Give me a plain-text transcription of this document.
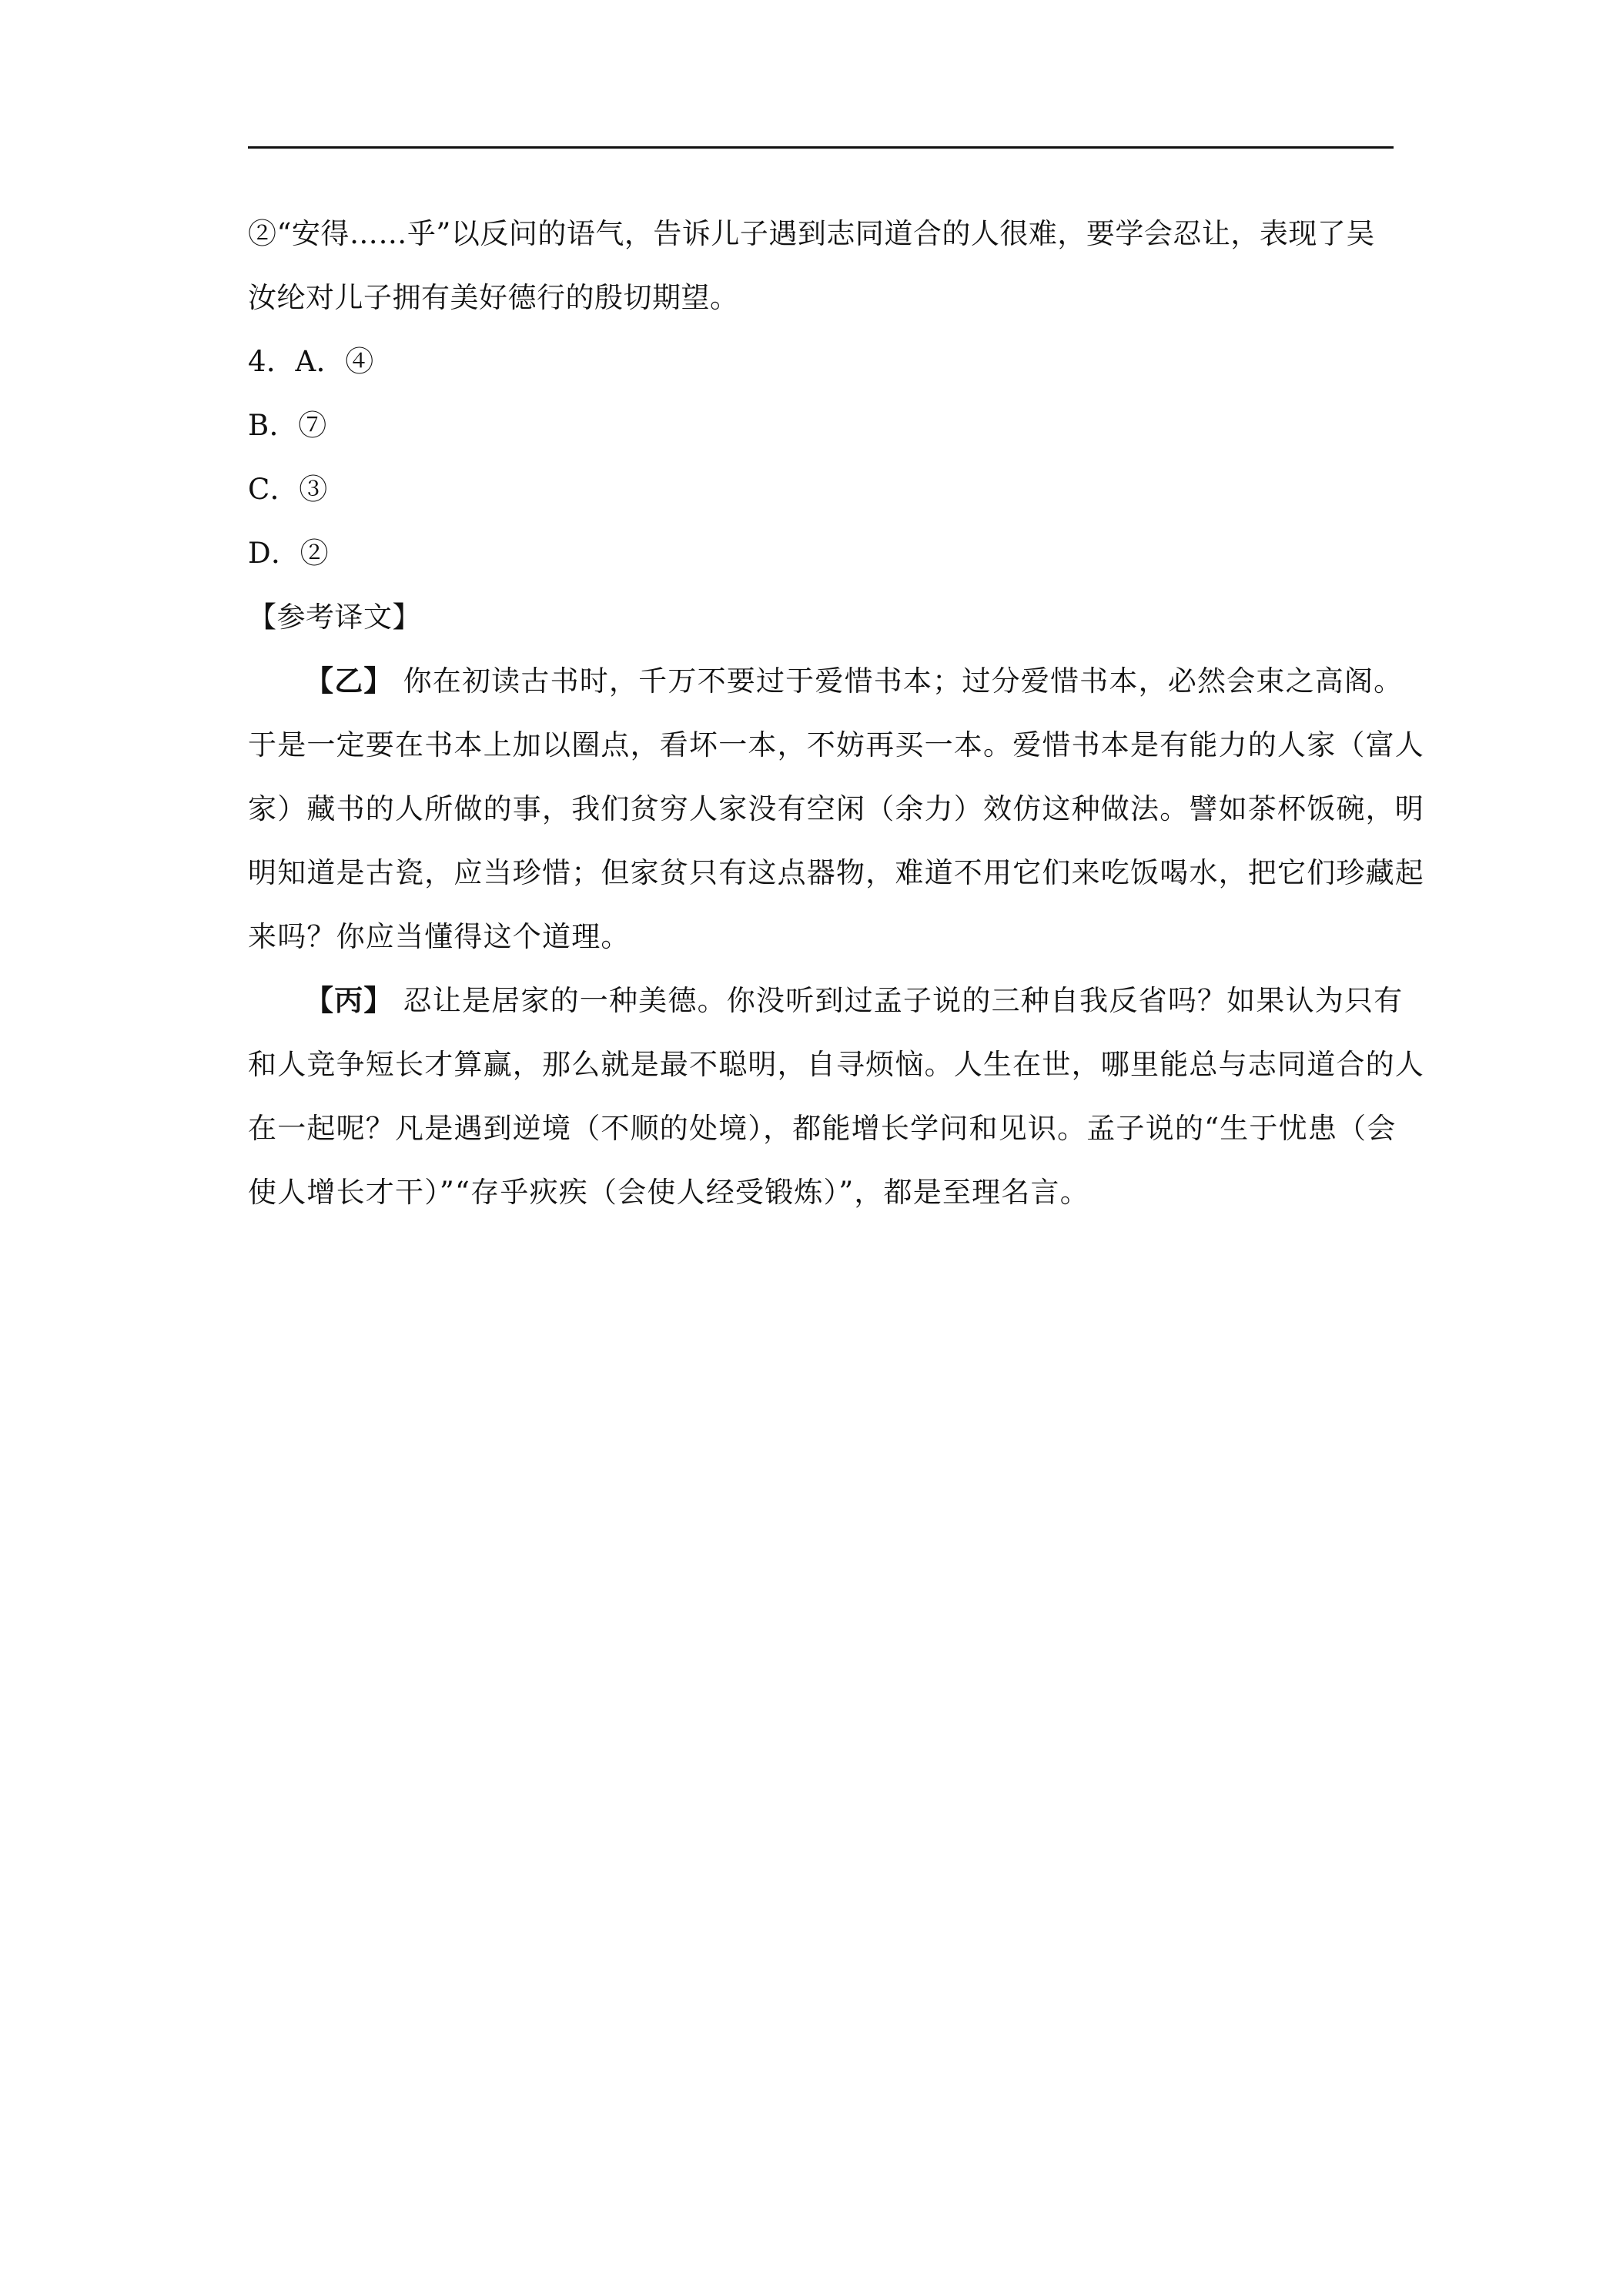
②“安得……乎”以反问的语气，告诉儿子遇到志同道合的人很难，要学会忍让，表现了吴
汝纶对儿子拥有美好德行的殷切期望。
4．A．④
B．⑦
C．③
D．②
【参考译文】
【乙】 你在初读古书时，千万不要过于爱惜书本；过分爱惜书本，必然会束之高阁。
于是一定要在书本上加以圈点，看坏一本，不妨再买一本。爱惜书本是有能力的人家（富人
家）藏书的人所做的事，我们贫穷人家没有空闲（余力）效仿这种做法。譬如茶杯饭碗，明
明知道是古瓷，应当珍惜；但家贫只有这点器物，难道不用它们来吃饭喝水，把它们珍藏起
来吗？你应当懂得这个道理。
【丙】 忍让是居家的一种美德。你没听到过孟子说的三种自我反省吗？如果认为只有
和人竞争短长才算赢，那么就是最不聪明，自寻烦恼。人生在世，哪里能总与志同道合的人
在一起呢？凡是遇到逆境（不顺的处境），都能增长学问和见识。孟子说的“生于忧患（会
使人增长才干）”“存乎疢疾（会使人经受锻炼）”，都是至理名言。
